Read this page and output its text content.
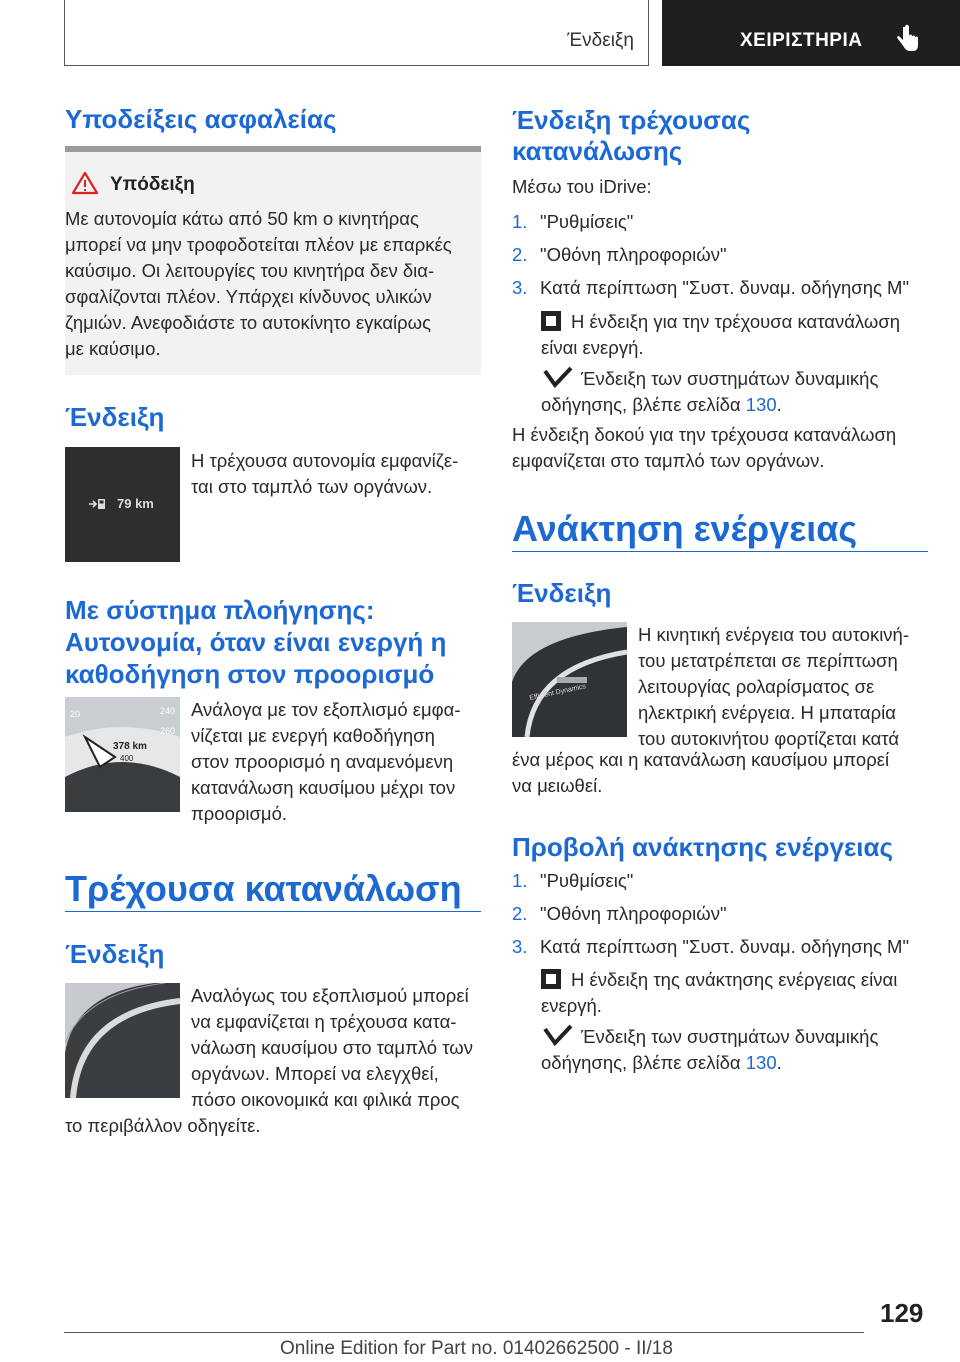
Ένδειξη	ΧΕΙΡΙΣΤΗΡΙΑ
Υποδείξεις ασφαλείας
Υπόδειξη
Με αυτονομία κάτω από 50 km ο κινητήρας
μπορεί να μην τροφοδοτείται πλέον με επαρκές
καύσιμο. Οι λειτουργίες του κινητήρα δεν δια-
σφαλίζονται πλέον. Υπάρχει κίνδυνος υλικών
ζημιών. Ανεφοδιάστε το αυτοκίνητο εγκαίρως
με καύσιμο.
Ένδειξη
79 km
Η τρέχουσα αυτονομία εμφανίζε-
ται στο ταμπλό των οργάνων.
Με σύστημα πλοήγησης:
Αυτονομία, όταν είναι ενεργή η
καθοδήγηση στον προορισμό
20	240
260
378 km
400
Ανάλογα με τον εξοπλισμό εμφα-
νίζεται με ενεργή καθοδήγηση
στον προορισμό η αναμενόμενη
κατανάλωση καυσίμου μέχρι τον
προορισμό.
Τρέχουσα κατανάλωση
Ένδειξη
Αναλόγως του εξοπλισμού μπορεί
να εμφανίζεται η τρέχουσα κατα-
νάλωση καυσίμου στο ταμπλό των
οργάνων. Μπορεί να ελεγχθεί,
πόσο οικονομικά και φιλικά προς
το περιβάλλον οδηγείτε.
Ένδειξη τρέχουσας
κατανάλωσης
Μέσω του iDrive:
1. "Ρυθμίσεις"
2. "Οθόνη πληροφοριών"
3. Κατά περίπτωση "Συστ. δυναμ. οδήγησης M"
Η ένδειξη για την τρέχουσα κατανάλωση
είναι ενεργή.
Ένδειξη των συστημάτων δυναμικής
οδήγησης, βλέπε σελίδα 130.
Η ένδειξη δοκού για την τρέχουσα κατανάλωση
εμφανίζεται στο ταμπλό των οργάνων.
Ανάκτηση ενέργειας
Ένδειξη
Efficient Dynamics
Η κινητική ενέργεια του αυτοκινή-
του μετατρέπεται σε περίπτωση
λειτουργίας ρολαρίσματος σε
ηλεκτρική ενέργεια. Η μπαταρία
του αυτοκινήτου φορτίζεται κατά
ένα μέρος και η κατανάλωση καυσίμου μπορεί
να μειωθεί.
Προβολή ανάκτησης ενέργειας
1. "Ρυθμίσεις"
2. "Οθόνη πληροφοριών"
3. Κατά περίπτωση "Συστ. δυναμ. οδήγησης M"
Η ένδειξη της ανάκτησης ενέργειας είναι
ενεργή.
Ένδειξη των συστημάτων δυναμικής
οδήγησης, βλέπε σελίδα 130.
129
Online Edition for Part no. 01402662500 - II/18
